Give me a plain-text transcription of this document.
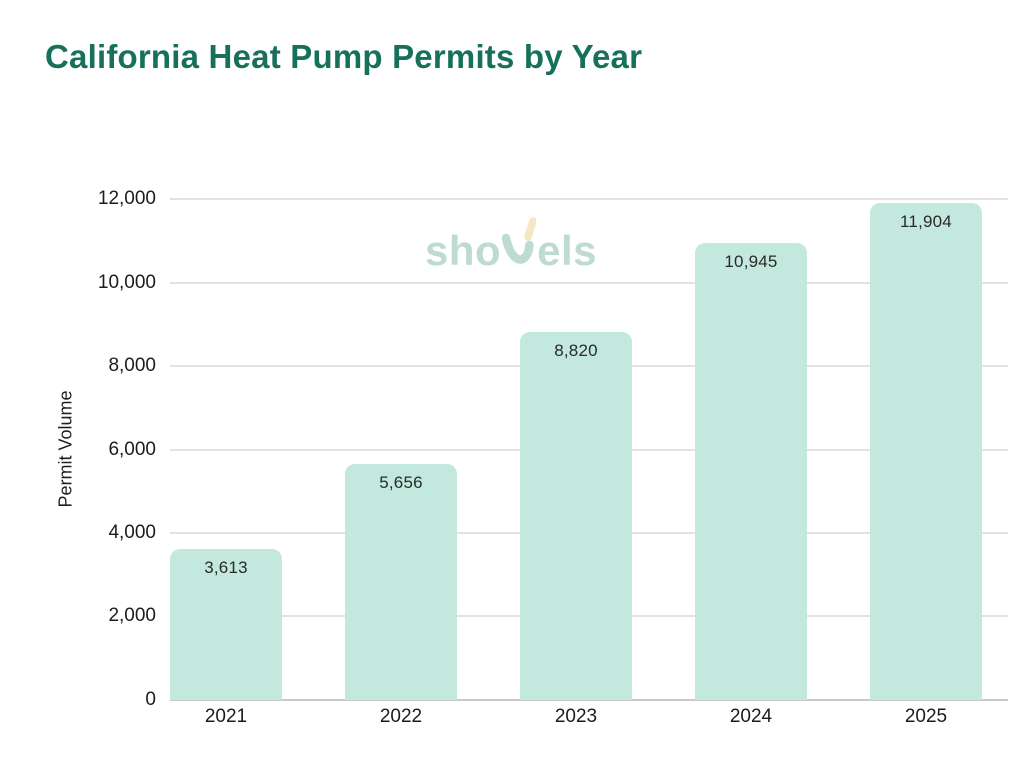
California Heat Pump Permits by Year
sho els
Permit Volume
12,000
10,000
8,000
6,000
4,000
2,000
0
3,613
5,656
8,820
10,945
11,904
2021	2022	2023	2024	2025
